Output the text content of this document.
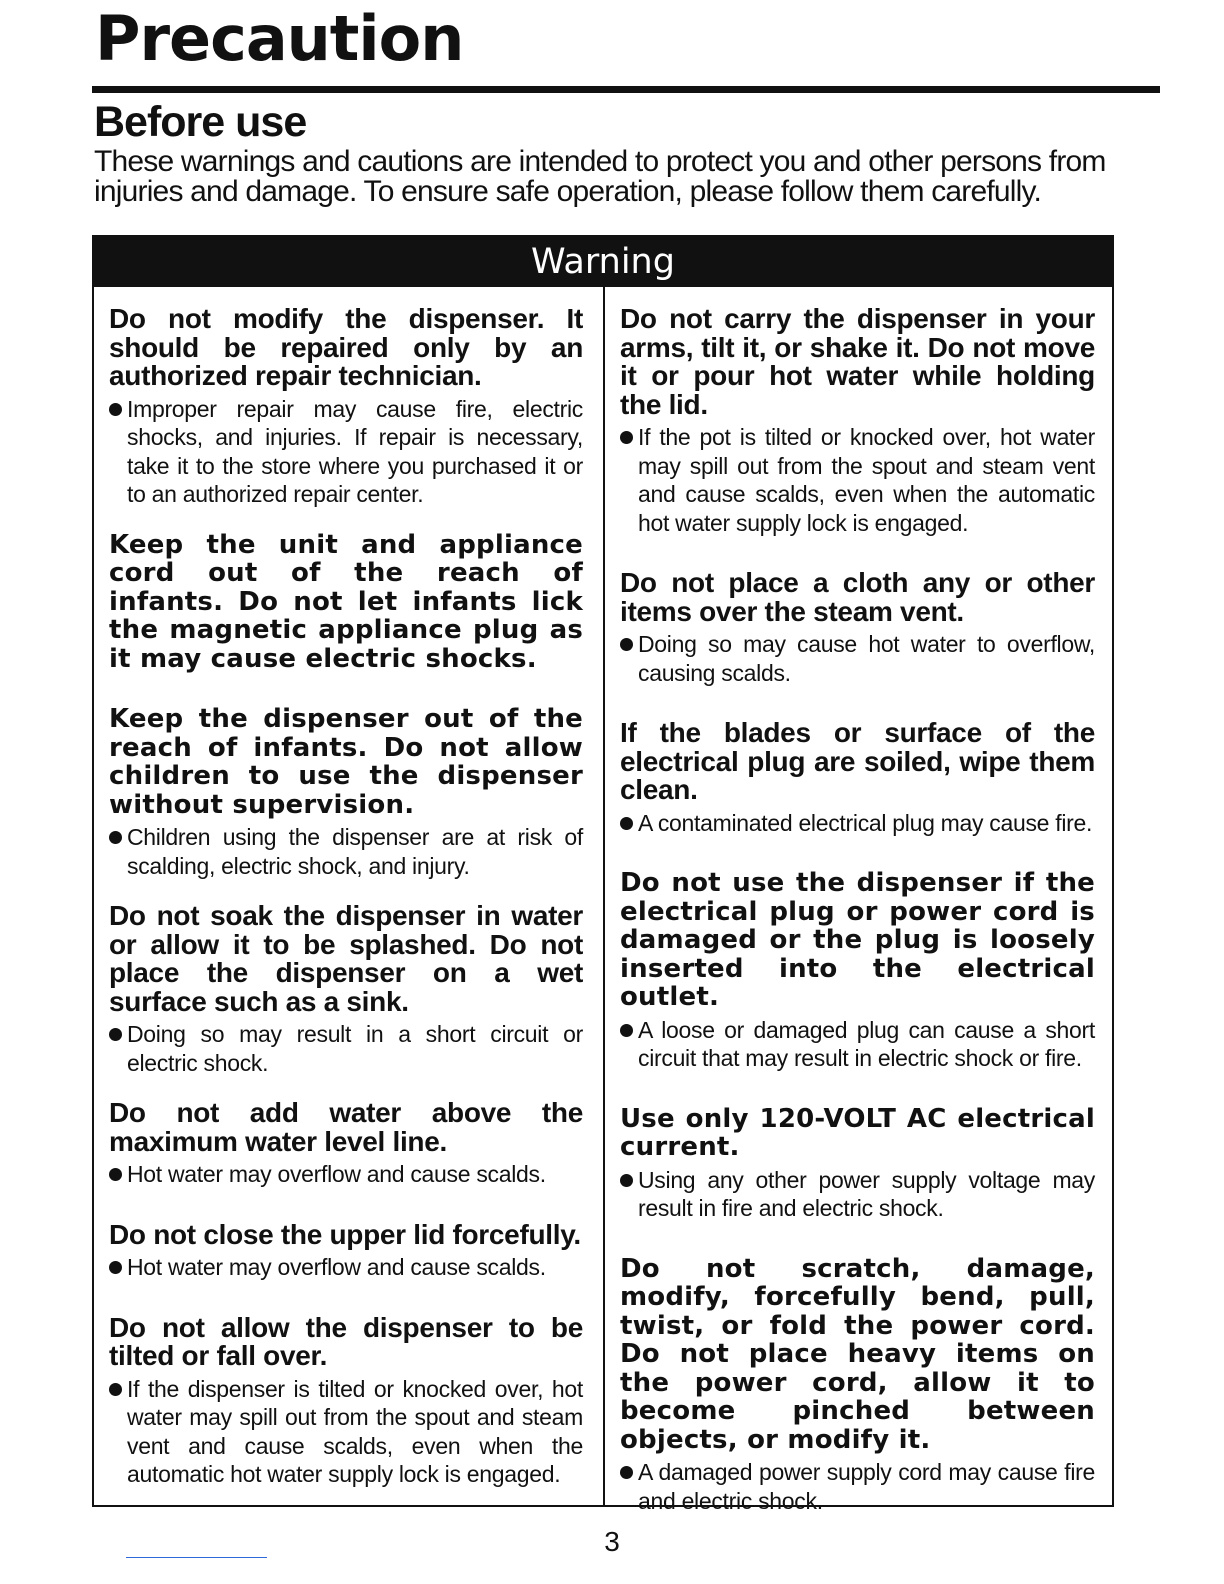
Precaution
Before use

These warnings and cautions are intended to protect you and other persons from injuries and damage. To ensure safe operation, please follow them carefully.

Warning

Do not modify the dispenser. It should be repaired only by an authorized repair technician.

Improper repair may cause fire, electric shocks, and injuries. If repair is necessary, take it to the store where you purchased it or to an authorized repair center.

Keep the unit and appliance cord out of the reach of infants. Do not let infants lick the magnetic appliance plug as it may cause electric shocks.

Keep the dispenser out of the reach of infants. Do not allow children to use the dispenser without supervision.

Children using the dispenser are at risk of scalding, electric shock, and injury.

Do not soak the dispenser in water or allow it to be splashed. Do not place the dispenser on a wet surface such as a sink.

Doing so may result in a short circuit or electric shock.

Do not add water above the maximum water level line.

Hot water may overflow and cause scalds.

Do not close the upper lid forcefully.

Hot water may overflow and cause scalds.

Do not allow the dispenser to be tilted or fall over.

If the dispenser is tilted or knocked over, hot water may spill out from the spout and steam vent and cause scalds, even when the automatic hot water supply lock is engaged.

Do not carry the dispenser in your arms, tilt it, or shake it. Do not move it or pour hot water while holding the lid.

If the pot is tilted or knocked over, hot water may spill out from the spout and steam vent and cause scalds, even when the automatic hot water supply lock is engaged.

Do not place a cloth any or other items over the steam vent.

Doing so may cause hot water to overflow, causing scalds.

If the blades or surface of the electrical plug are soiled, wipe them clean.

A contaminated electrical plug may cause fire.

Do not use the dispenser if the electrical plug or power cord is damaged or the plug is loosely inserted into the electrical outlet.

A loose or damaged plug can cause a short circuit that may result in electric shock or fire.

Use only 120-VOLT AC electrical current.

Using any other power supply voltage may result in fire and electric shock.

Do not scratch, damage, modify, forcefully bend, pull, twist, or fold the power cord. Do not place heavy items on the power cord, allow it to become pinched between objects, or modify it.

A damaged power supply cord may cause fire and electric shock.

3
